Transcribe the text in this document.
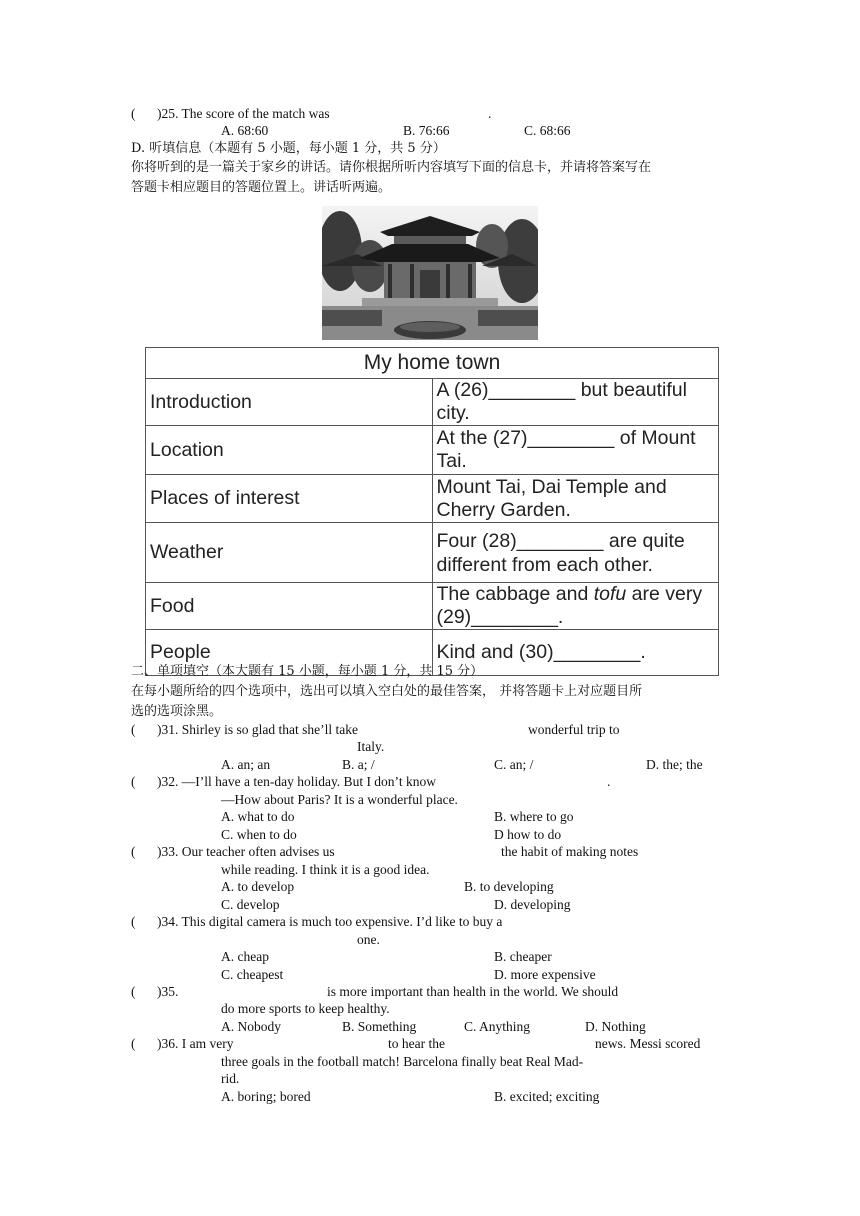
( )25. The score of the match was	.
A. 68:60	B. 76:66	C. 68:66
D. 听填信息（本题有 5 小题，每小题 1 分，共 5 分）
你将听到的是一篇关于家乡的讲话。请你根据所听内容填写下面的信息卡，并请将答案写在
答题卡相应题目的答题位置上。讲话听两遍。
My home town	
Introduction	A (26)________ but beautiful city.
Location	At the (27)________ of Mount Tai.
Places of interest	Mount Tai, Dai Temple and Cherry Garden.
Weather	Four (28)________ are quite different from each other.
Food	The cabbage and tofu are very (29)________.
People	Kind and (30)________.
二、单项填空（本大题有 15 小题，每小题 1 分，共 15 分）
在每小题所给的四个选项中，选出可以填入空白处的最佳答案， 并将答题卡上对应题目所
选的选项涂黑。
( )31. Shirley is so glad that she’ll take	wonderful trip to
Italy.
A. an; an	B. a; /	C. an; /	D. the; the
( )32. —I’ll have a ten-day holiday. But I don’t know	.
—How about Paris? It is a wonderful place.
A. what to do	B. where to go
C. when to do	D how to do
( )33. Our teacher often advises us	the habit of making notes
while reading. I think it is a good idea.
A. to develop	B. to developing
C. develop	D. developing
( )34. This digital camera is much too expensive. I’d like to buy a
one.
A. cheap	B. cheaper
C. cheapest	D. more expensive
( )35.	is more important than health in the world. We should
do more sports to keep healthy.
A. Nobody	B. Something	C. Anything	D. Nothing
( )36. I am very	to hear the	news. Messi scored
three goals in the football match! Barcelona finally beat Real Mad-
rid.
A. boring; bored	B. excited; exciting
